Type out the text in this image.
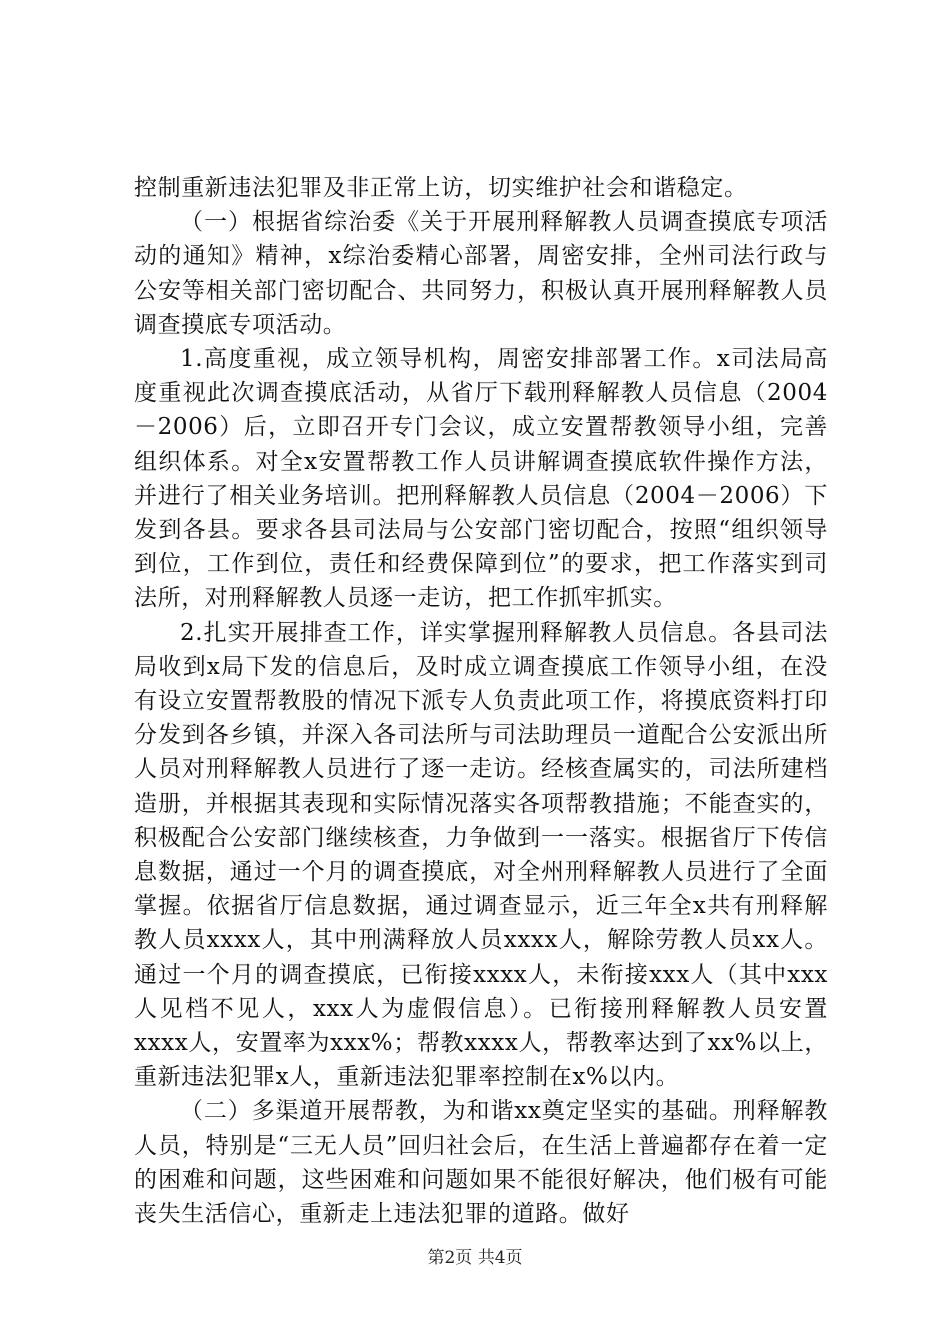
控制重新违法犯罪及非正常上访，切实维护社会和谐稳定。

（一）根据省综治委《关于开展刑释解教人员调查摸底专项活动的通知》精神，x综治委精心部署，周密安排，全州司法行政与公安等相关部门密切配合、共同努力，积极认真开展刑释解教人员调查摸底专项活动。

1.高度重视，成立领导机构，周密安排部署工作。x司法局高度重视此次调查摸底活动，从省厅下载刑释解教人员信息（2004－2006）后，立即召开专门会议，成立安置帮教领导小组，完善组织体系。对全x安置帮教工作人员讲解调查摸底软件操作方法，并进行了相关业务培训。把刑释解教人员信息（2004－2006）下发到各县。要求各县司法局与公安部门密切配合，按照“组织领导到位，工作到位，责任和经费保障到位”的要求，把工作落实到司法所，对刑释解教人员逐一走访，把工作抓牢抓实。

2.扎实开展排查工作，详实掌握刑释解教人员信息。各县司法局收到x局下发的信息后，及时成立调查摸底工作领导小组，在没有设立安置帮教股的情况下派专人负责此项工作，将摸底资料打印分发到各乡镇，并深入各司法所与司法助理员一道配合公安派出所人员对刑释解教人员进行了逐一走访。经核查属实的，司法所建档造册，并根据其表现和实际情况落实各项帮教措施；不能查实的，积极配合公安部门继续核查，力争做到一一落实。根据省厅下传信息数据，通过一个月的调查摸底，对全州刑释解教人员进行了全面掌握。依据省厅信息数据，通过调查显示，近三年全x共有刑释解教人员xxxx人，其中刑满释放人员xxxx人，解除劳教人员xx人。通过一个月的调查摸底，已衔接xxxx人，未衔接xxx人（其中xxx人见档不见人，xxx人为虚假信息）。已衔接刑释解教人员安置xxxx人，安置率为xxx%；帮教xxxx人，帮教率达到了xx%以上，重新违法犯罪x人，重新违法犯罪率控制在x%以内。

（二）多渠道开展帮教，为和谐xx奠定坚实的基础。刑释解教人员，特别是“三无人员”回归社会后，在生活上普遍都存在着一定的困难和问题，这些困难和问题如果不能很好解决，他们极有可能丧失生活信心，重新走上违法犯罪的道路。做好

第2页 共4页
